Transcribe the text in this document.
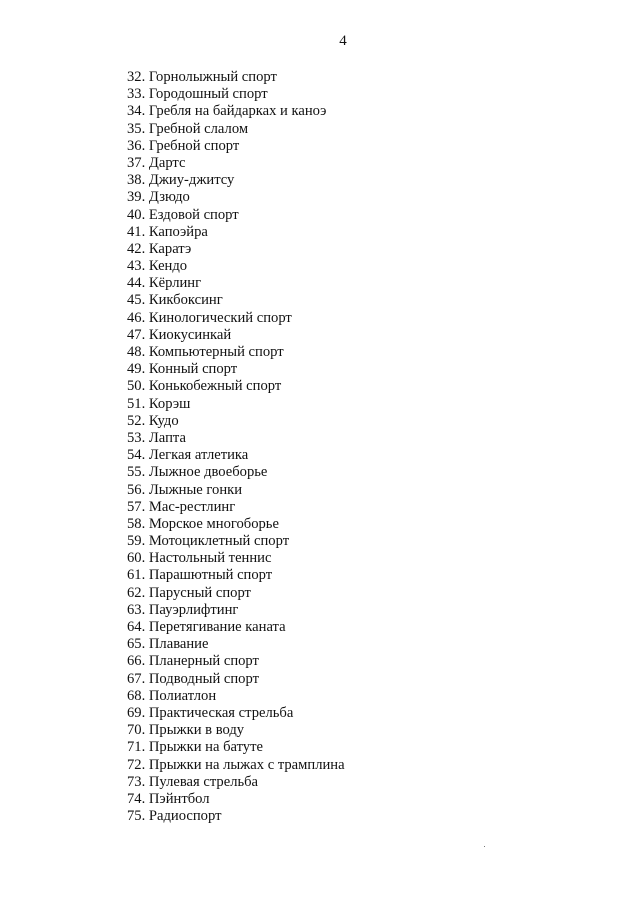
4
32. Горнолыжный спорт
33. Городошный спорт
34. Гребля на байдарках и каноэ
35. Гребной слалом
36. Гребной спорт
37. Дартс
38. Джиу-джитсу
39. Дзюдо
40. Ездовой спорт
41. Капоэйра
42. Каратэ
43. Кендо
44. Кёрлинг
45. Кикбоксинг
46. Кинологический спорт
47. Киокусинкай
48. Компьютерный спорт
49. Конный спорт
50. Конькобежный спорт
51. Корэш
52. Кудо
53. Лапта
54. Легкая атлетика
55. Лыжное двоеборье
56. Лыжные гонки
57. Мас-рестлинг
58. Морское многоборье
59. Мотоциклетный спорт
60. Настольный теннис
61. Парашютный спорт
62. Парусный спорт
63. Пауэрлифтинг
64. Перетягивание каната
65. Плавание
66. Планерный спорт
67. Подводный спорт
68. Полиатлон
69. Практическая стрельба
70. Прыжки в воду
71. Прыжки на батуте
72. Прыжки на лыжах с трамплина
73. Пулевая стрельба
74. Пэйнтбол
75. Радиоспорт
